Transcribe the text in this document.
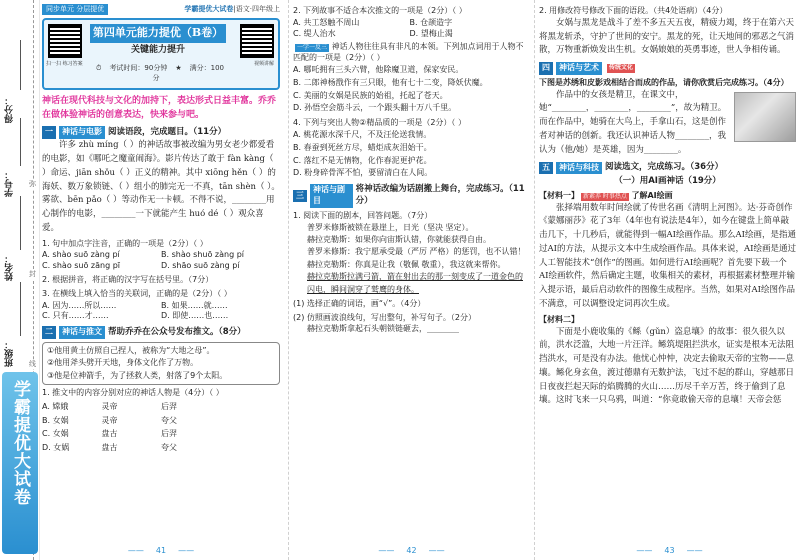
得分：
学号：
姓名：
班级：
弥
封
线
学霸提优大试卷
同步单元 分层提优	学霸提优大试卷|语文·四年级上
扫一扫 练习答案	视频讲解
第四单元能力提优（B卷）
关键能力提升
⏱ 考试时间：90分钟 ★ 满分：100分
神话在现代科技与文化的加持下，表达形式日益丰富。乔乔在做体验神话的创意表达，快来参与吧。
一	神话与电影 阅读语段，完成题目。（11分）
许多 zhù míng（ ）的神话故事被改编为男女老少都爱看的电影，如《哪吒之魔童闹海》。影片传达了敢于 fàn kàng（ ）命运、jiān shǒu（ ）正义的精神。其中 xiōng hěn（ ）的海妖、数万象锁链、（ ）组小的肺完无一不真，tān shèn（ ）。雾欲、bēn pǎo（ ）等动作无一卡顿。不得不说，________用心制作的电影，________一下就能产生 huó dé（ ）观众喜爱。
1. 句中加点字注音，正确的一项是（2分）（ ）
A. shào suō zàng pí	B. shào shuō zàng pí
C. shào suō zāng pī	D. shāo suō zàng pí
2. 根据拼音，将正确的汉字写在括号里。（7分）
3. 在横线上填入恰当的关联词，正确的是（2分）（ ）
A. 因为……所以……	B. 如果……就……
C. 只有……才……	D. 即使……也……
二	神话与推文 帮助乔乔在公众号发布推文。（8分）
①他用黄土仿照自己捏人，被称为“大地之母”。
②他用斧头劈开天地，身体文化作了万物。
③他是位神箭手，为了拯救人类，射落了9个太阳。
1. 推文中的内容分别对应的神话人物是（4分）（ ）
A. 嫦娥	灵帝	后羿
B. 女娲	灵帝	夸父
C. 女娲	盘古	后羿
D. 女娲	盘古	夸父
—— 41 ——
2. 下列故事不适合本次推文的一项是（2分）（ ）
A. 共工怒触不周山	B. 仓颉造字
C. 缇人治水	D. 望梅止渴
一学一反三 神话人物往往具有非凡的本领。下列加点词用于人物不匹配的一项是（2分）（ ）
A. 哪吒拥有三头六臂，他除魔卫道，保家安民。
B. 二郎神杨戬作有三只眼，他有七十二变，降妖伏魔。
C. 美丽的女娲是民族的始祖，托起了苍天。
D. 孙悟空会筋斗云，一个跟头翻十万八千里。
4. 下列与突出人物②精品质的一项是（2分）（ ）
A. 桃花源水深千尺，不及汪伦送我情。
B. 春蚕到死丝方尽，蜡炬成灰泪始干。
C. 落红不是无情物，化作春泥更护花。
D. 粉身碎骨浑不怕，要留清白在人间。
三
神话与剧目
将神话改编为话剧搬上舞台，完成练习。（11分）
1. 阅读下面的剧本，回答问题。（7分）
普罗米修斯被锁在悬崖上，日光（坚决 坚定）。
赫拉克勒斯：如果你向宙斯认错，你就能获得自由。
普罗米修斯：我宁愿承受最（严厉 严格）的惩罚，也不认错！
赫拉克勒斯：你真是让我（敬佩 敬重），我这就来帮你。
赫拉克勒斯拉满弓箭，箭在射出去的那一刻变成了一道金色的闪电，瞬间洞穿了鹫鹰的身体。
(1) 选择正确的词语，画“√”。（4分）
(2) 仿照画波浪线句，写出整句，补写句子。（2分）
赫拉克勒斯拿起石头朝锁链砸去，________
—— 42 ——
2. 用修改符号修改下面的语段。（共4处语病）（4分）
女娲与黑龙是战斗了差不多五天五夜，精疲力竭，终于在第六天将黑龙斩杀，守护了世间的安宁。黑龙的死，让天地间的邪恶之气消散，万物重新焕发出生机。女娲娘娘的英勇事迹，世人争相传诵。
四	神话与艺术	传统文化
下图是苏绣和皮影戏相结合而成的作品，请你欣赏后完成练习。（4分）
作品中的女孩是精卫，在课文中，她“________，________，________”，故为精卫。而在作品中，她骑在大鸟上，手拿山石，这是创作者对神话的创新。我还认识神话人物________，我认为（他/她）是英雄，因为________。
五	神话与科技 阅读选文，完成练习。（36分）
（一）用AI画神话（19分）
【材料一】 新素养 时事热点 了解AI绘画
张择端用数年时间绘就了传世名画《清明上河图》。达·芬奇创作《蒙娜丽莎》花了3年（4年也有说法是4年），如今在键盘上简单敲击几下，十几秒后，就能得到一幅AI绘画作品。那么AI绘画，是指通过AI的方法，从提示文本中生成绘画作品。具体来说，AI绘画是通过人工智能技术“创作”的图画。如何进行AI绘画呢？首先要下载一个AI绘画软件，然后确定主题，收集相关的素材，再根据素材整理并输入提示语，最后启动软件的图像生成程序。当然，如果对AI绘图作品不满意，可以调整设定词再次生成。
【材料二】
下面是小鹿收集的《鲧（gǔn）盗息壤》的故事：很久很久以前，洪水泛滥，大地一片汪洋。鲧筑堤阻拦洪水，证实是根本无法阻挡洪水，可是没有办法。他忧心忡忡，决定去偷取天帝的宝物——息壤。鲧化身玄鱼，渡过德鼎有无数护法，飞过不起的群山，穿越那日日夜夜拦起天际的焰腾腾的火山……历尽千辛万苦，终于偷到了息壤。这时飞来一只乌鸦，叫道：“你竟敢偷天帝的息壤！天帝会惩
—— 43 ——
